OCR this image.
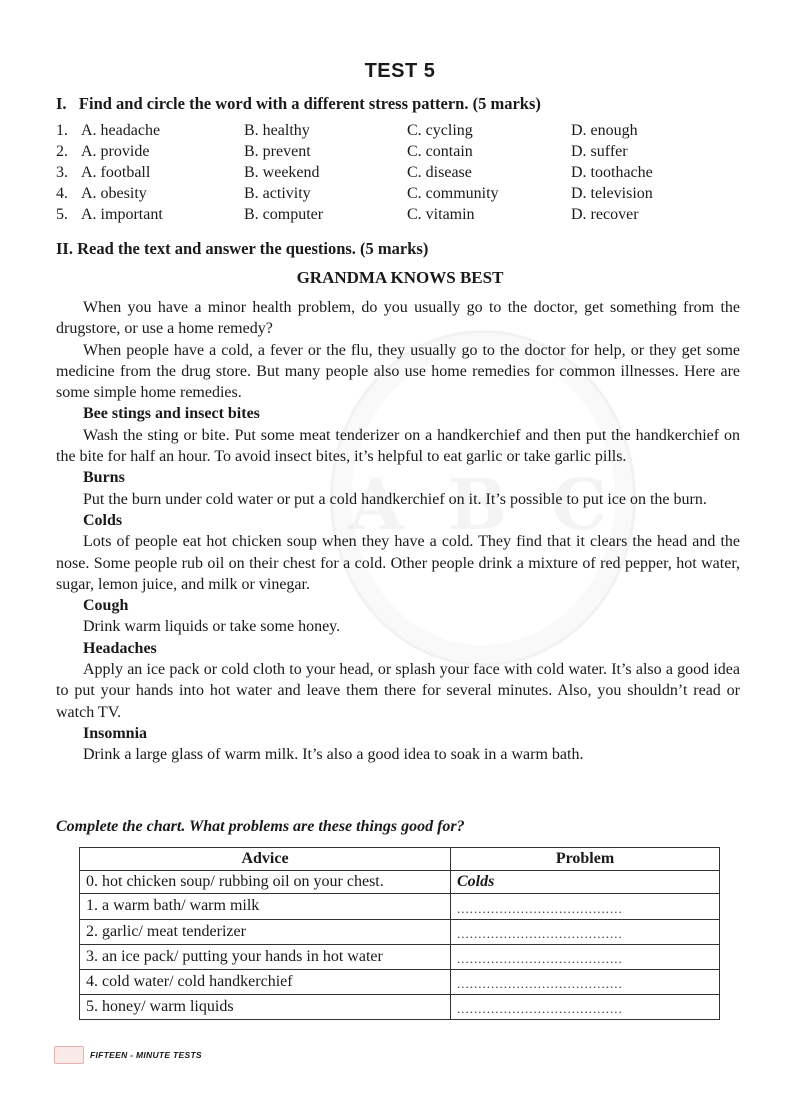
TEST 5
I.   Find and circle the word with a different stress pattern. (5 marks)
1. A. headache	B. healthy	C. cycling	D. enough
2. A. provide	B. prevent	C. contain	D. suffer
3. A. football	B. weekend	C. disease	D. toothache
4. A. obesity	B. activity	C. community	D. television
5. A. important	B. computer	C. vitamin	D. recover
II. Read the text and answer the questions. (5 marks)
GRANDMA KNOWS BEST

When you have a minor health problem, do you usually go to the doctor, get something from the drugstore, or use a home remedy?

When people have a cold, a fever or the flu, they usually go to the doctor for help, or they get some medicine from the drug store. But many people also use home remedies for common illnesses. Here are some simple home remedies.

Bee stings and insect bites

Wash the sting or bite. Put some meat tenderizer on a handkerchief and then put the handkerchief on the bite for half an hour. To avoid insect bites, it’s helpful to eat garlic or take garlic pills.

Burns

Put the burn under cold water or put a cold handkerchief on it. It’s possible to put ice on the burn.

Colds

Lots of people eat hot chicken soup when they have a cold. They find that it clears the head and the nose. Some people rub oil on their chest for a cold. Other people drink a mixture of red pepper, hot water, sugar, lemon juice, and milk or vinegar.

Cough

Drink warm liquids or take some honey.

Headaches

Apply an ice pack or cold cloth to your head, or splash your face with cold water. It’s also a good idea to put your hands into hot water and leave them there for several minutes. Also, you shouldn’t read or watch TV.

Insomnia

Drink a large glass of warm milk. It’s also a good idea to soak in a warm bath.

Complete the chart. What problems are these things good for?
Advice	Problem
0. hot chicken soup/ rubbing oil on your chest.	Colds
1. a warm bath/ warm milk	.......................................
2. garlic/ meat tenderizer	.......................................
3. an ice pack/ putting your hands in hot water	.......................................
4. cold water/ cold handkerchief	.......................................
5. honey/ warm liquids	.......................................
FIFTEEN - MINUTE TESTS
